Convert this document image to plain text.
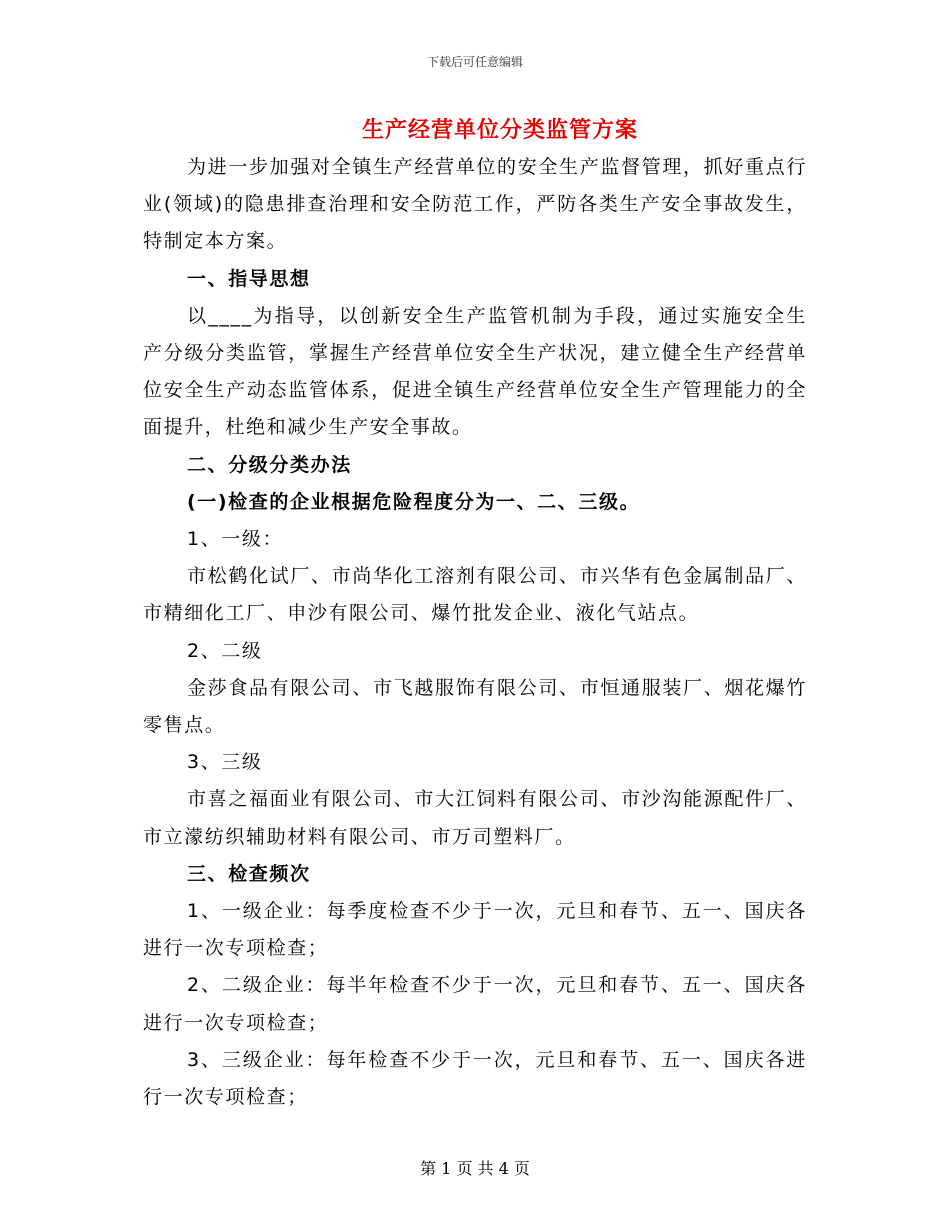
下载后可任意编辑
生产经营单位分类监管方案

为进一步加强对全镇生产经营单位的安全生产监督管理，抓好重点行业(领域)的隐患排查治理和安全防范工作，严防各类生产安全事故发生，特制定本方案。

一、指导思想

以____为指导，以创新安全生产监管机制为手段，通过实施安全生产分级分类监管，掌握生产经营单位安全生产状况，建立健全生产经营单位安全生产动态监管体系，促进全镇生产经营单位安全生产管理能力的全面提升，杜绝和减少生产安全事故。

二、分级分类办法

(一)检查的企业根据危险程度分为一、二、三级。

1、一级：

市松鹤化试厂、市尚华化工溶剂有限公司、市兴华有色金属制品厂、市精细化工厂、申沙有限公司、爆竹批发企业、液化气站点。

2、二级

金莎食品有限公司、市飞越服饰有限公司、市恒通服装厂、烟花爆竹零售点。

3、三级

市喜之福面业有限公司、市大江饲料有限公司、市沙沟能源配件厂、市立濛纺织辅助材料有限公司、市万司塑料厂。

三、检查频次

1、一级企业：每季度检查不少于一次，元旦和春节、五一、国庆各进行一次专项检查；

2、二级企业：每半年检查不少于一次，元旦和春节、五一、国庆各进行一次专项检查；

3、三级企业：每年检查不少于一次，元旦和春节、五一、国庆各进行一次专项检查；

第 1 页 共 4 页
